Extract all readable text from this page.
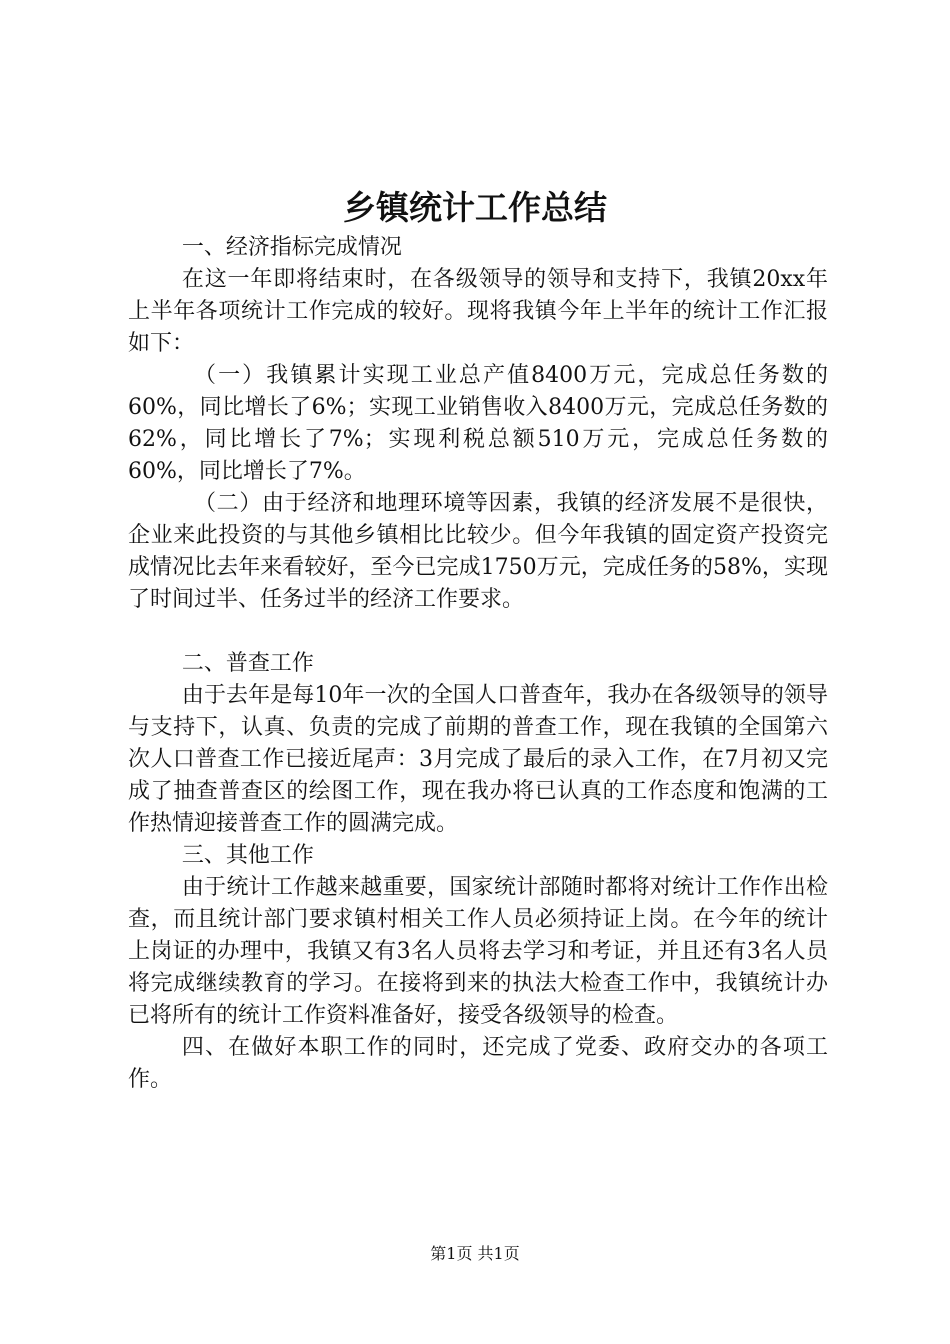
乡镇统计工作总结

一、经济指标完成情况

在这一年即将结束时，在各级领导的领导和支持下，我镇20xx年上半年各项统计工作完成的较好。现将我镇今年上半年的统计工作汇报如下：

（一）我镇累计实现工业总产值8400万元，完成总任务数的60%，同比增长了6%；实现工业销售收入8400万元，完成总任务数的62%，同比增长了7%；实现利税总额510万元，完成总任务数的60%，同比增长了7%。

（二）由于经济和地理环境等因素，我镇的经济发展不是很快，企业来此投资的与其他乡镇相比比较少。但今年我镇的固定资产投资完成情况比去年来看较好，至今已完成1750万元，完成任务的58%，实现了时间过半、任务过半的经济工作要求。

二、普查工作

由于去年是每10年一次的全国人口普查年，我办在各级领导的领导与支持下，认真、负责的完成了前期的普查工作，现在我镇的全国第六次人口普查工作已接近尾声：3月完成了最后的录入工作，在7月初又完成了抽查普查区的绘图工作，现在我办将已认真的工作态度和饱满的工作热情迎接普查工作的圆满完成。

三、其他工作

由于统计工作越来越重要，国家统计部随时都将对统计工作作出检查，而且统计部门要求镇村相关工作人员必须持证上岗。在今年的统计上岗证的办理中，我镇又有3名人员将去学习和考证，并且还有3名人员将完成继续教育的学习。在接将到来的执法大检查工作中，我镇统计办已将所有的统计工作资料准备好，接受各级领导的检查。

四、在做好本职工作的同时，还完成了党委、政府交办的各项工作。

第1页 共1页
